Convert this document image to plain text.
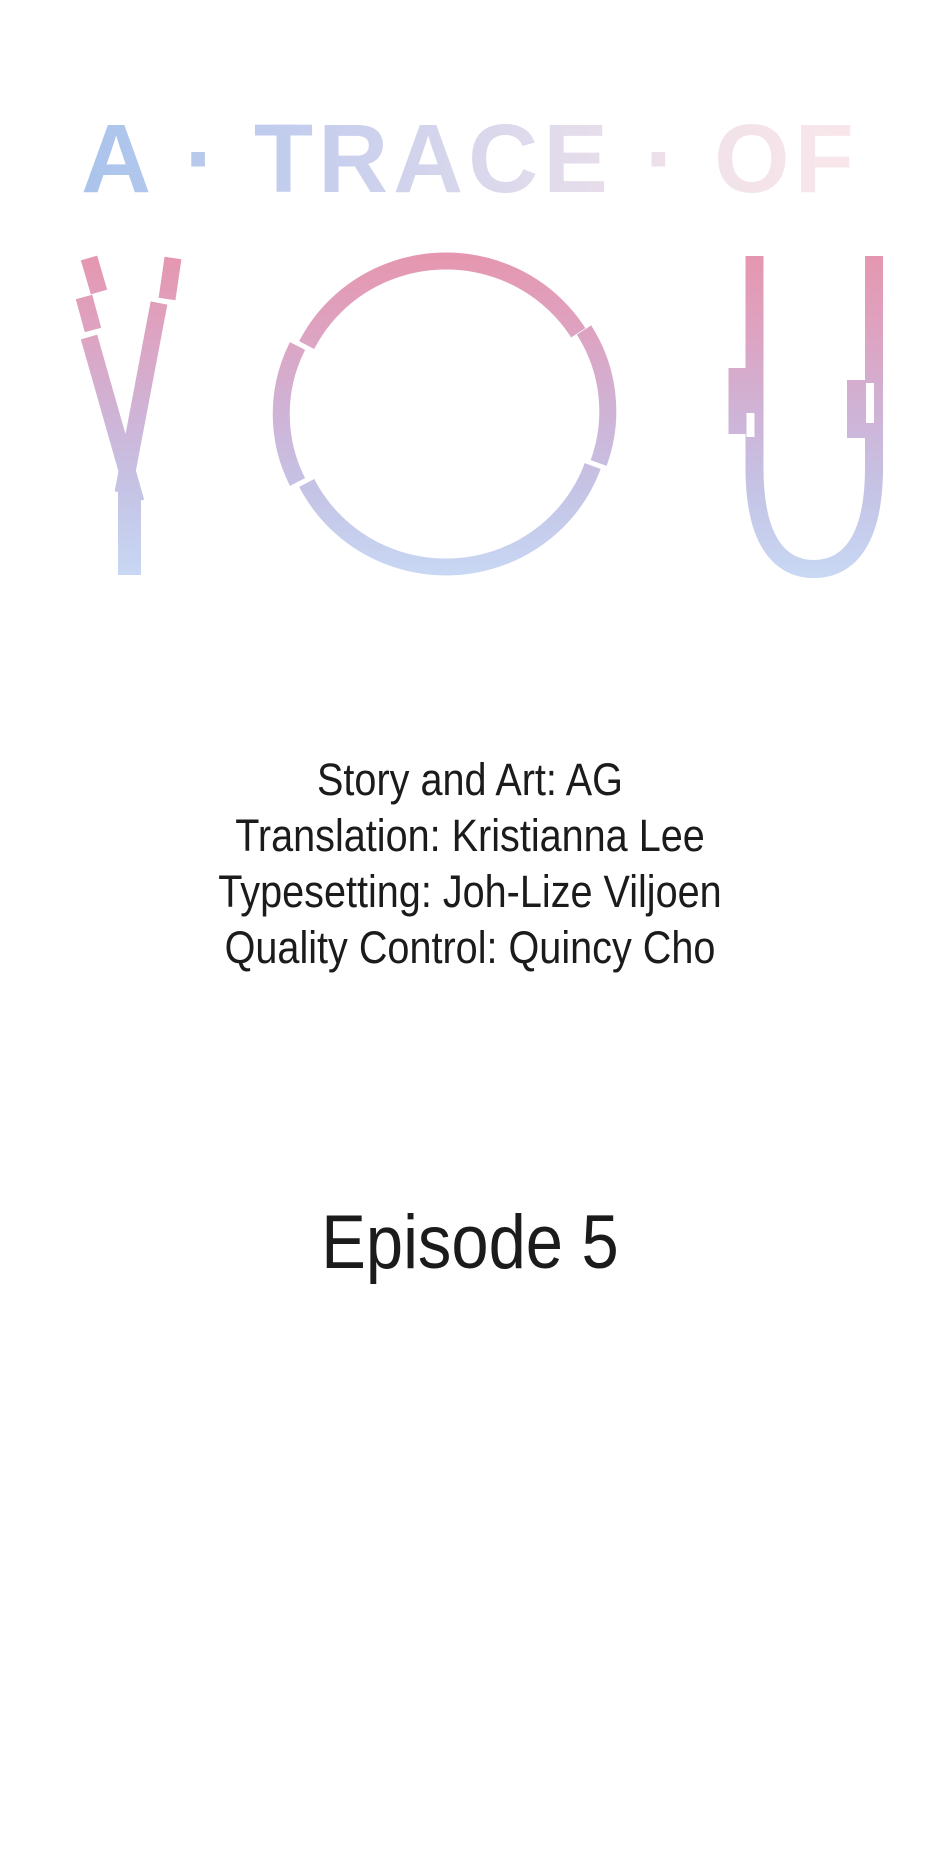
A · TRACE · OF

Story and Art: AG

Translation: Kristianna Lee

Typesetting: Joh-Lize Viljoen

Quality Control: Quincy Cho

Episode 5
